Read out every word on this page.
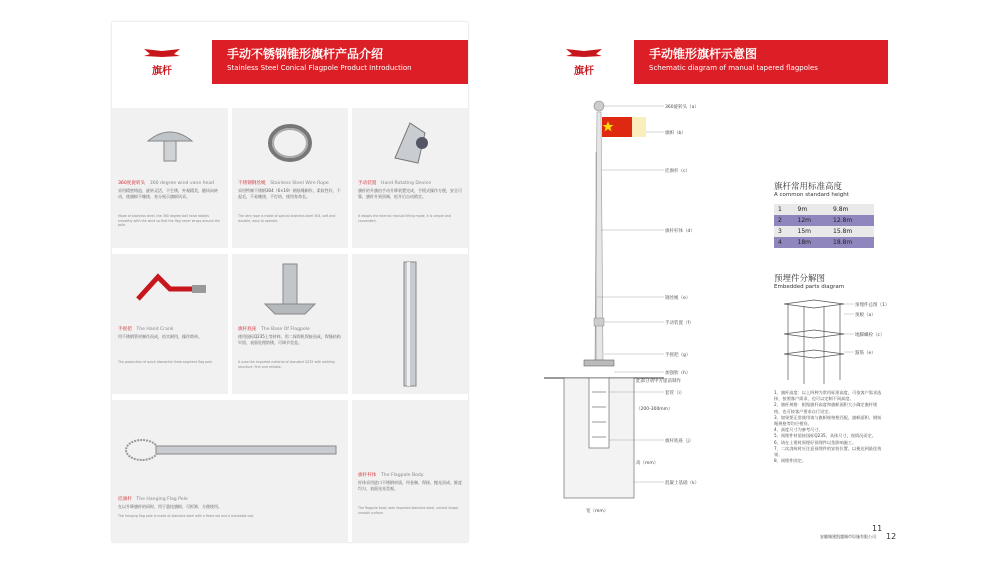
旗杆
手动不锈钢锥形旗杆产品介绍
Stainless Steel Conical Flagpole Product Introduction
360度旋转头　 360 degree wind vane head
采用精密铸造，旋转灵活，不生锈，外观精美，随风向转动，使旗帜不缠绕，充分展示旗帜风采。
Made of stainless steel, the 360 degree ball head rotates smoothly with the wind so that the flag never wraps around the pole.
不锈钢钢丝绳　 Stainless Steel Wire Rope
采用特制不锈钢304（6×19）钢丝绳制作，柔软性好，不起毛，不易缠绕，不打结，使用寿命长。
The wire rope is made of special stainless steel 304, soft and durable, easy to operate.
手动装置　 Hand Rotating Device
旗杆的升旗由手动升降装置完成，手摇式操作方便，安全可靠，旗杆升到顶端，松开后自动锁定。
It adopts the internal manual lifting mode, it is simple and convenient.
手摇把　 The Hand Crank
用不锈钢管材制作而成，结实耐用，操作简单。
The production of quick dismantle three-segment flag pole.
旗杆底座　 The Base Of Flagpole
使用国标Q235上等材料，用二保焊机焊接而成，焊缝结构牢固，表面处理防锈，可调节竖直。
It uses the imported material of standard Q235 with welding structure, firm and reliable.
挂旗杆　 The Hanging Flag Pole
在以升降旗杆的同时，用于悬挂旗帜，可拆卸，方便使用。
The hanging flag pole is made of stainless steel with a fixed rod and a moveable rod.
旗杆杆体　 The Flagpole Body
杆体采用进口不锈钢材质，经卷制、焊接、抛光而成，锥度均匀，表面光亮美观。
The flagpole body uses imported stainless steel, conical shape, smooth surface.
旗杆
手动锥形旗杆示意图
Schematic diagram of manual tapered flagpoles
360旋转头（a）
旗帜（b）
挂旗杆（c）
旗杆杆体（d）
钢丝绳（e）
手动装置（f）
手摇把（g）
加强肋（h）
套管（i）
旗杆底座（j）
混凝土基础（k）
此部分请甲方提前制作
（200-300mm）
高（mm）
宽（mm）
旗杆常用标准高度
A common standard height
1	9m	9.8m
2	12m	12.8m
3	15m	15.8m
4	18m	18.8m
预埋件分解图
Embedded parts diagram
预埋件总图（1）
预板（a）
地脚螺栓（c）
箍筋（e）
1、旗杆高度：以上四种为常用标准高度，可依客户需求选择，按照客户需求，也可以定制不同高度。
2、旗杆规格：根据旗杆高度和旗帜面积大小确定旗杆规格，也可按客户要求自行设定。
3、如果要正常使用请与旗帜规格相匹配，旗帜面积、钢丝绳规格等均应相符。
4、高度尺寸为参考尺寸。
5、预埋件材质按国标Q235，具体尺寸，视情况而定。
6、请在土建时预埋好预埋件以免影响施工。
7、二次浇筑时应注意预埋件的安装位置，以便达到最佳效果。
8、预埋件固定。
11
12
安徽城建凯越城市设施有限公司
